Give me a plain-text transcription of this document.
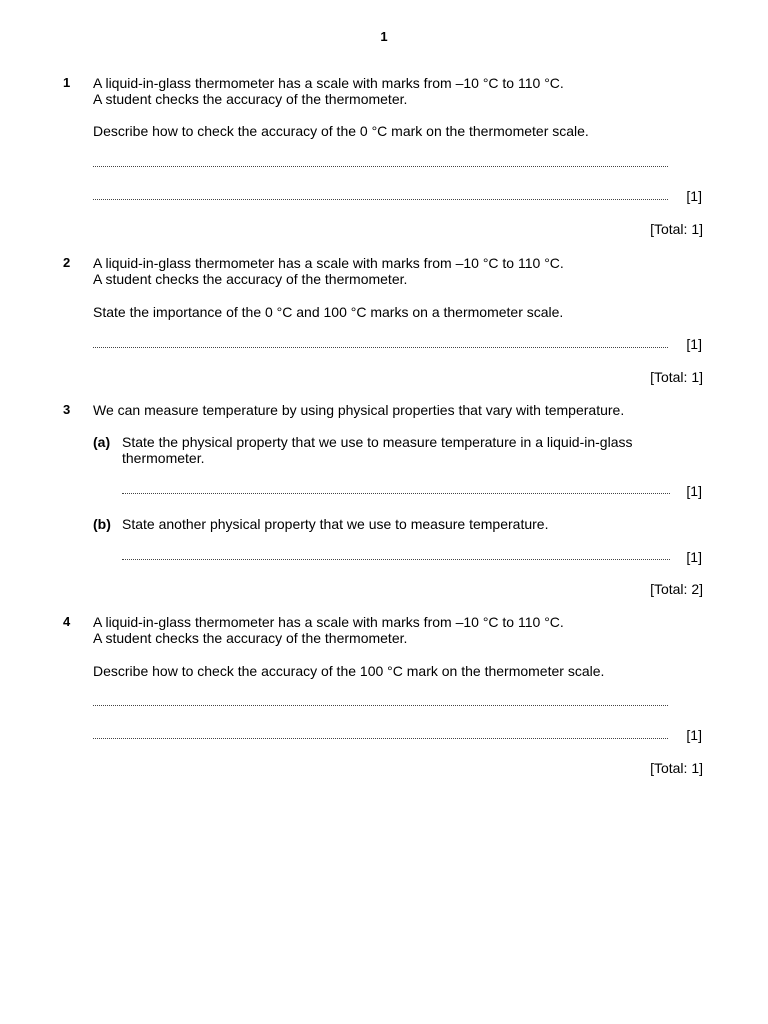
1
1 A liquid-in-glass thermometer has a scale with marks from –10 °C to 110 °C.
A student checks the accuracy of the thermometer.
Describe how to check the accuracy of the 0 °C mark on the thermometer scale.
[1]
[Total: 1]
2 A liquid-in-glass thermometer has a scale with marks from –10 °C to 110 °C.
A student checks the accuracy of the thermometer.
State the importance of the 0 °C and 100 °C marks on a thermometer scale.
[1]
[Total: 1]
3 We can measure temperature by using physical properties that vary with temperature.
(a) State the physical property that we use to measure temperature in a liquid-in-glass thermometer.
[1]
(b) State another physical property that we use to measure temperature.
[1]
[Total: 2]
4 A liquid-in-glass thermometer has a scale with marks from –10 °C to 110 °C.
A student checks the accuracy of the thermometer.
Describe how to check the accuracy of the 100 °C mark on the thermometer scale.
[1]
[Total: 1]
